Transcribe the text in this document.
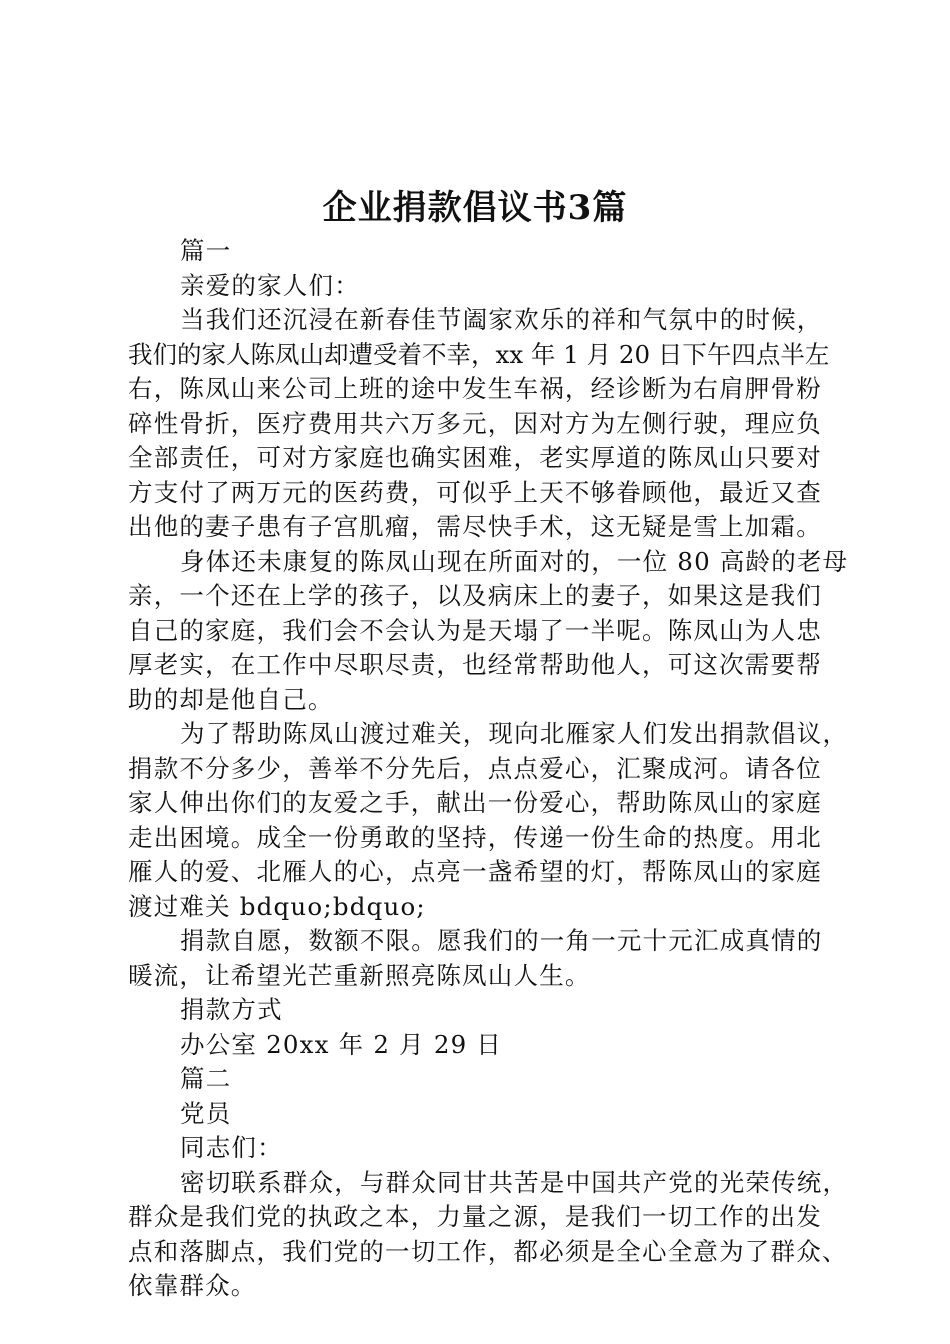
企业捐款倡议书3篇
篇一
亲爱的家人们：
当我们还沉浸在新春佳节阖家欢乐的祥和气氛中的时候，
我们的家人陈凤山却遭受着不幸，xx 年 1 月 20 日下午四点半左
右，陈凤山来公司上班的途中发生车祸，经诊断为右肩胛骨粉
碎性骨折，医疗费用共六万多元，因对方为左侧行驶，理应负
全部责任，可对方家庭也确实困难，老实厚道的陈凤山只要对
方支付了两万元的医药费，可似乎上天不够眷顾他，最近又查
出他的妻子患有子宫肌瘤，需尽快手术，这无疑是雪上加霜。
身体还未康复的陈凤山现在所面对的，一位 80 高龄的老母
亲，一个还在上学的孩子，以及病床上的妻子，如果这是我们
自己的家庭，我们会不会认为是天塌了一半呢。陈凤山为人忠
厚老实，在工作中尽职尽责，也经常帮助他人，可这次需要帮
助的却是他自己。
为了帮助陈凤山渡过难关，现向北雁家人们发出捐款倡议，
捐款不分多少，善举不分先后，点点爱心，汇聚成河。请各位
家人伸出你们的友爱之手，献出一份爱心，帮助陈凤山的家庭
走出困境。成全一份勇敢的坚持，传递一份生命的热度。用北
雁人的爱、北雁人的心，点亮一盏希望的灯，帮陈凤山的家庭
渡过难关 bdquo;bdquo;
捐款自愿，数额不限。愿我们的一角一元十元汇成真情的
暖流，让希望光芒重新照亮陈凤山人生。
捐款方式
办公室 20xx 年 2 月 29 日
篇二
党员
同志们：
密切联系群众，与群众同甘共苦是中国共产党的光荣传统，
群众是我们党的执政之本，力量之源，是我们一切工作的出发
点和落脚点，我们党的一切工作，都必须是全心全意为了群众、
依靠群众。
